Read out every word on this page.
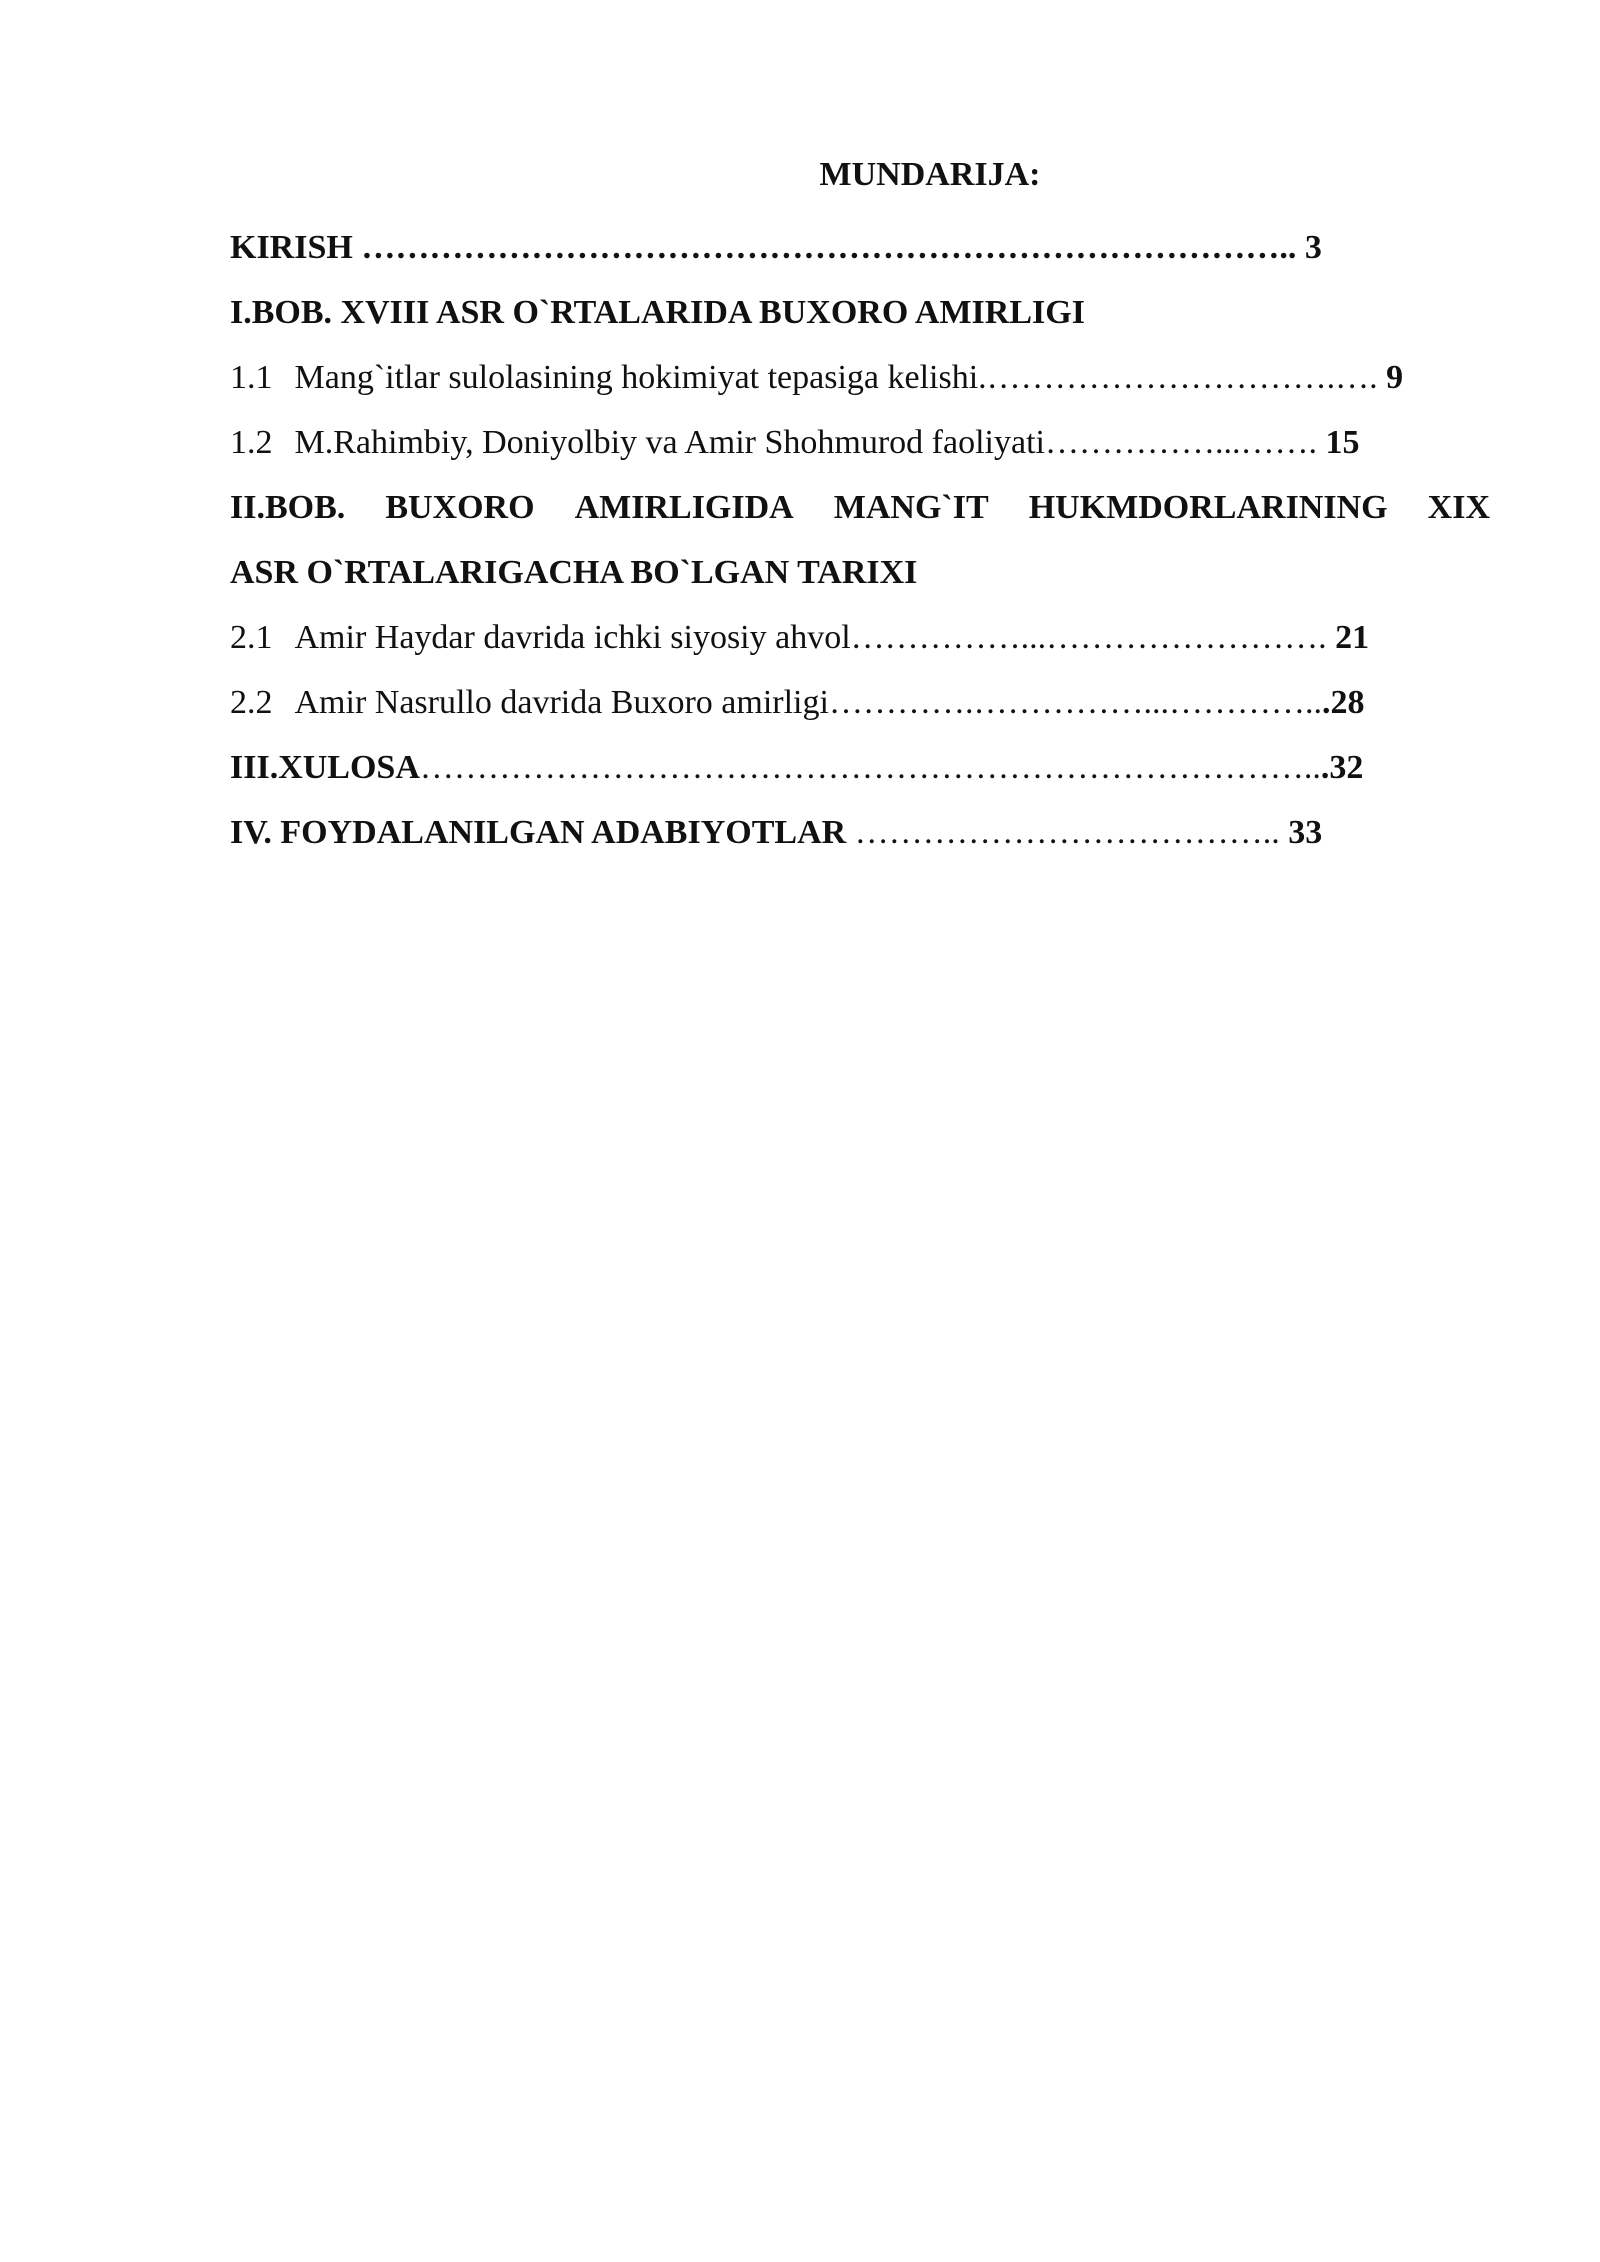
MUNDARIJA:
KIRISH ……………………………………………………………………….. 3
I.BOB. XVIII ASR O`RTALARIDA BUXORO AMIRLIGI
1.1 Mang`itlar sulolasining hokimiyat tepasiga kelishi.………………………….…. 9
1.2 M.Rahimbiy, Doniyolbiy va Amir Shohmurod faoliyati……………...……. 15
II.BOB. BUXORO AMIRLIGIDA MANG`IT HUKMDORLARINING XIX
ASR O`RTALARIGACHA BO`LGAN TARIXI
2.1 Amir Haydar davrida ichki siyosiy ahvol……………...……………………. 21
2.2 Amir Nasrullo davrida Buxoro amirligi………….……………...…………...28
III.XULOSA……………………………………………………………………...32
IV. FOYDALANILGAN ADABIYOTLAR ……………………………….. 33
